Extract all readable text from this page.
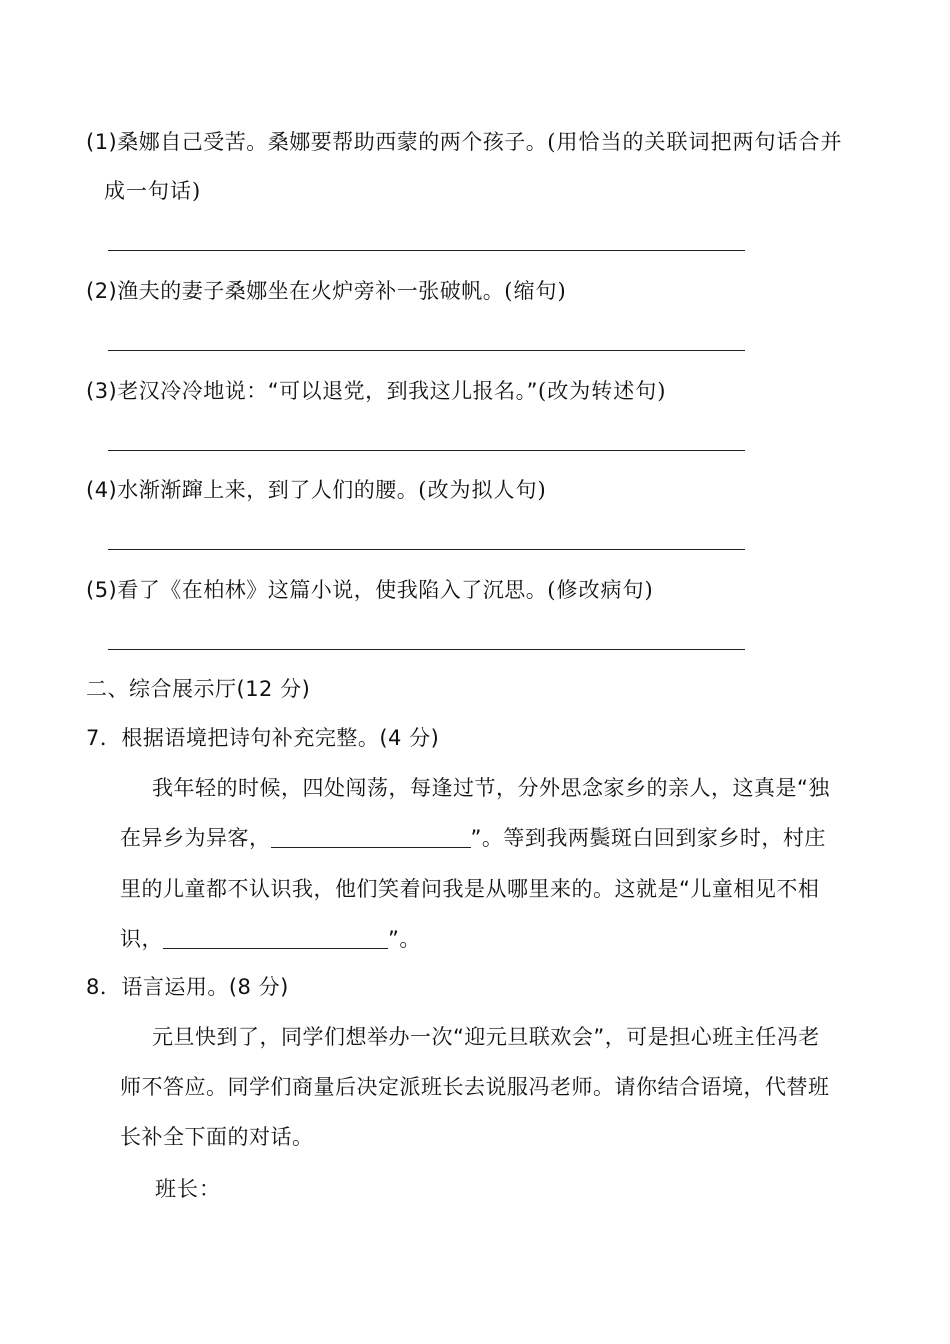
(1)桑娜自己受苦。桑娜要帮助西蒙的两个孩子。(用恰当的关联词把两句话合并
成一句话)
(2)渔夫的妻子桑娜坐在火炉旁补一张破帆。(缩句)
(3)老汉冷冷地说：“可以退党，到我这儿报名。”(改为转述句)
(4)水渐渐蹿上来，到了人们的腰。(改为拟人句)
(5)看了《在柏林》这篇小说，使我陷入了沉思。(修改病句)
二、综合展示厅(12 分)
7．根据语境把诗句补充完整。(4 分)
我年轻的时候，四处闯荡，每逢过节，分外思念家乡的亲人，这真是“独
在异乡为异客，	”。等到我两鬓斑白回到家乡时，村庄
里的儿童都不认识我，他们笑着问我是从哪里来的。这就是“儿童相见不相
识，	”。
8．语言运用。(8 分)
元旦快到了，同学们想举办一次“迎元旦联欢会”，可是担心班主任冯老
师不答应。同学们商量后决定派班长去说服冯老师。请你结合语境，代替班
长补全下面的对话。
班长：
